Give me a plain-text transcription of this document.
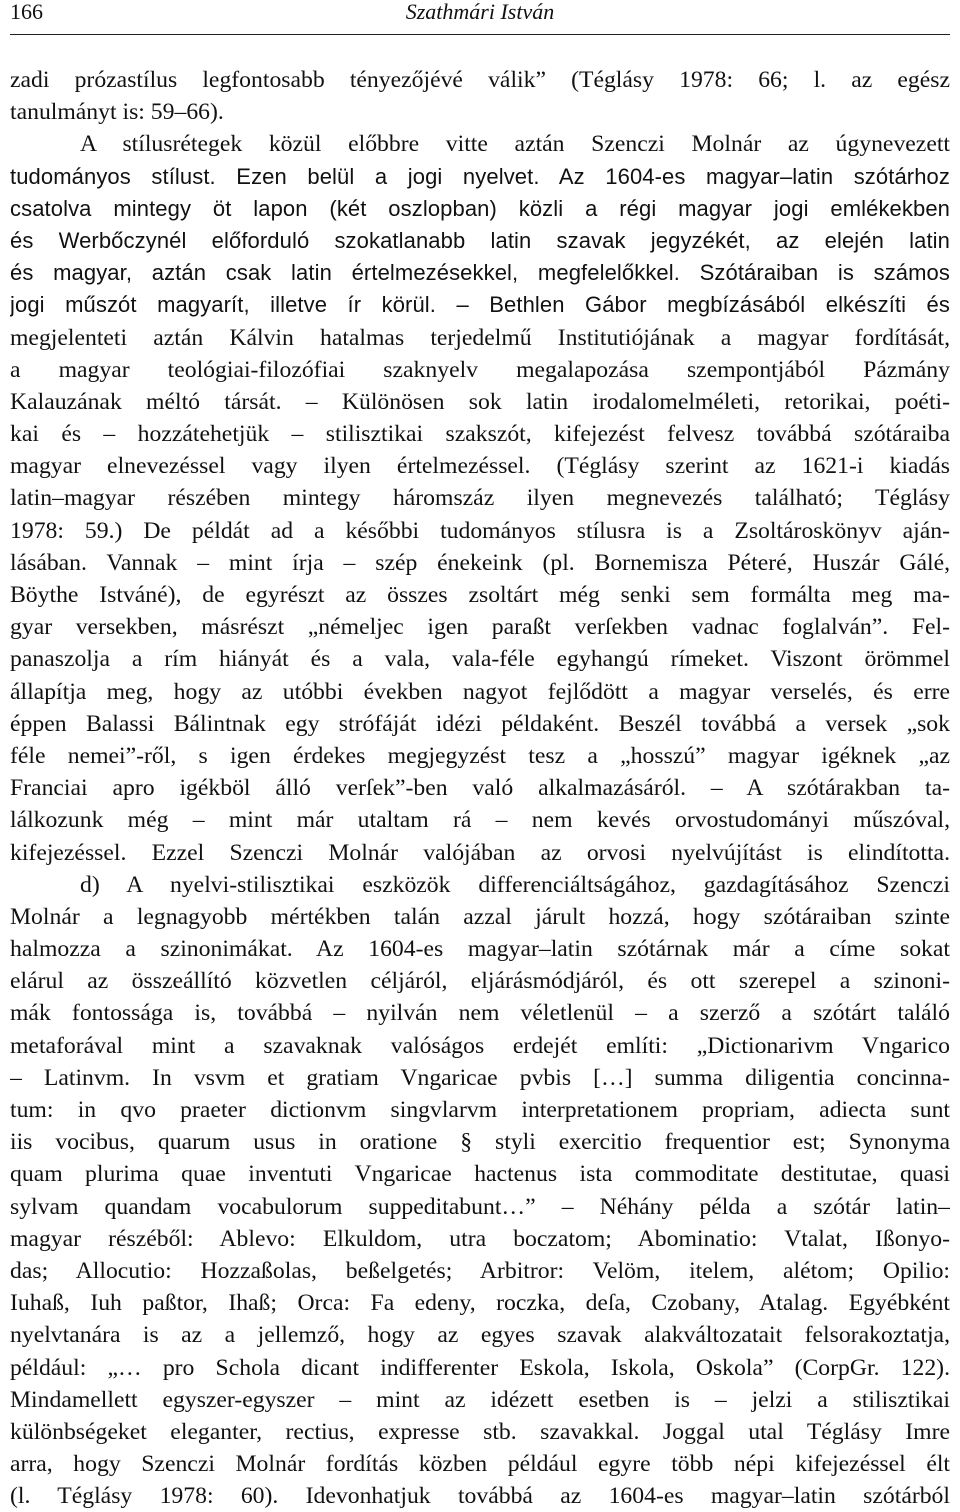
166	Szathmári István
zadi prózastílus legfontosabb tényezőjévé válik” (Téglásy 1978: 66; l. az egész
tanulmányt is: 59–66).
A stílusrétegek közül előbbre vitte aztán Szenczi Molnár az úgynevezett
tudományos stílust. Ezen belül a jogi nyelvet. Az 1604-es magyar–latin szótárhoz
csatolva mintegy öt lapon (két oszlopban) közli a régi magyar jogi emlékekben
és Werbőczynél előforduló szokatlanabb latin szavak jegyzékét, az elején latin
és magyar, aztán csak latin értelmezésekkel, megfelelőkkel. Szótáraiban is számos
jogi műszót magyarít, illetve ír körül. – Bethlen Gábor megbízásából elkészíti és
megjelenteti aztán Kálvin hatalmas terjedelmű Institutiójának a magyar fordítását,
a magyar teológiai-filozófiai szaknyelv megalapozása szempontjából Pázmány
Kalauzának méltó társát. – Különösen sok latin irodalomelméleti, retorikai, poéti-
kai és – hozzátehetjük – stilisztikai szakszót, kifejezést felvesz továbbá szótáraiba
magyar elnevezéssel vagy ilyen értelmezéssel. (Téglásy szerint az 1621-i kiadás
latin–magyar részében mintegy háromszáz ilyen megnevezés található; Téglásy
1978: 59.) De példát ad a későbbi tudományos stílusra is a Zsoltároskönyv aján-
lásában. Vannak – mint írja – szép énekeink (pl. Bornemisza Péteré, Huszár Gálé,
Böythe Istváné), de egyrészt az összes zsoltárt még senki sem formálta meg ma-
gyar versekben, másrészt „némeljec igen paraßt verſekben vadnac foglalván”. Fel-
panaszolja a rím hiányát és a vala, vala-féle egyhangú rímeket. Viszont örömmel
állapítja meg, hogy az utóbbi években nagyot fejlődött a magyar verselés, és erre
éppen Balassi Bálintnak egy strófáját idézi példaként. Beszél továbbá a versek „sok
féle nemei”-ről, s igen érdekes megjegyzést tesz a „hosszú” magyar igéknek „az
Franciai apro igékböl álló verſek”-ben való alkalmazásáról. – A szótárakban ta-
lálkozunk még – mint már utaltam rá – nem kevés orvostudományi műszóval,
kifejezéssel. Ezzel Szenczi Molnár valójában az orvosi nyelvújítást is elindította.
d) A nyelvi-stilisztikai eszközök differenciáltságához, gazdagításához Szenczi
Molnár a legnagyobb mértékben talán azzal járult hozzá, hogy szótáraiban szinte
halmozza a szinonimákat. Az 1604-es magyar–latin szótárnak már a címe sokat
elárul az összeállító közvetlen céljáról, eljárásmódjáról, és ott szerepel a szinoni-
mák fontossága is, továbbá – nyilván nem véletlenül – a szerző a szótárt találó
metaforával mint a szavaknak valóságos erdejét említi: „Dictionarivm Vngarico
– Latinvm. In vsvm et gratiam Vngaricae pvbis […] summa diligentia concinna-
tum: in qvo praeter dictionvm singvlarvm interpretationem propriam, adiecta sunt
iis vocibus, quarum usus in oratione § styli exercitio frequentior est; Synonyma
quam plurima quae inventuti Vngaricae hactenus ista commoditate destitutae, quasi
sylvam quandam vocabulorum suppeditabunt…” – Néhány példa a szótár latin–
magyar részéből: Ablevo: Elkuldom, utra boczatom; Abominatio: Vtalat, Ißonyo-
das; Allocutio: Hozzaßolas, beßelgetés; Arbitror: Velöm, itelem, alétom; Opilio:
Iuhaß, Iuh paßtor, Ihaß; Orca: Fa edeny, roczka, deſa, Czobany, Atalag. Egyébként
nyelvtanára is az a jellemző, hogy az egyes szavak alakváltozatait felsorakoztatja,
például: „… pro Schola dicant indifferenter Eskola, Iskola, Oskola” (CorpGr. 122).
Mindamellett egyszer-egyszer – mint az idézett esetben is – jelzi a stilisztikai
különbségeket eleganter, rectius, expresse stb. szavakkal. Joggal utal Téglásy Imre
arra, hogy Szenczi Molnár fordítás közben például egyre több népi kifejezéssel élt
(l. Téglásy 1978: 60). Idevonhatjuk továbbá az 1604-es magyar–latin szótárból
